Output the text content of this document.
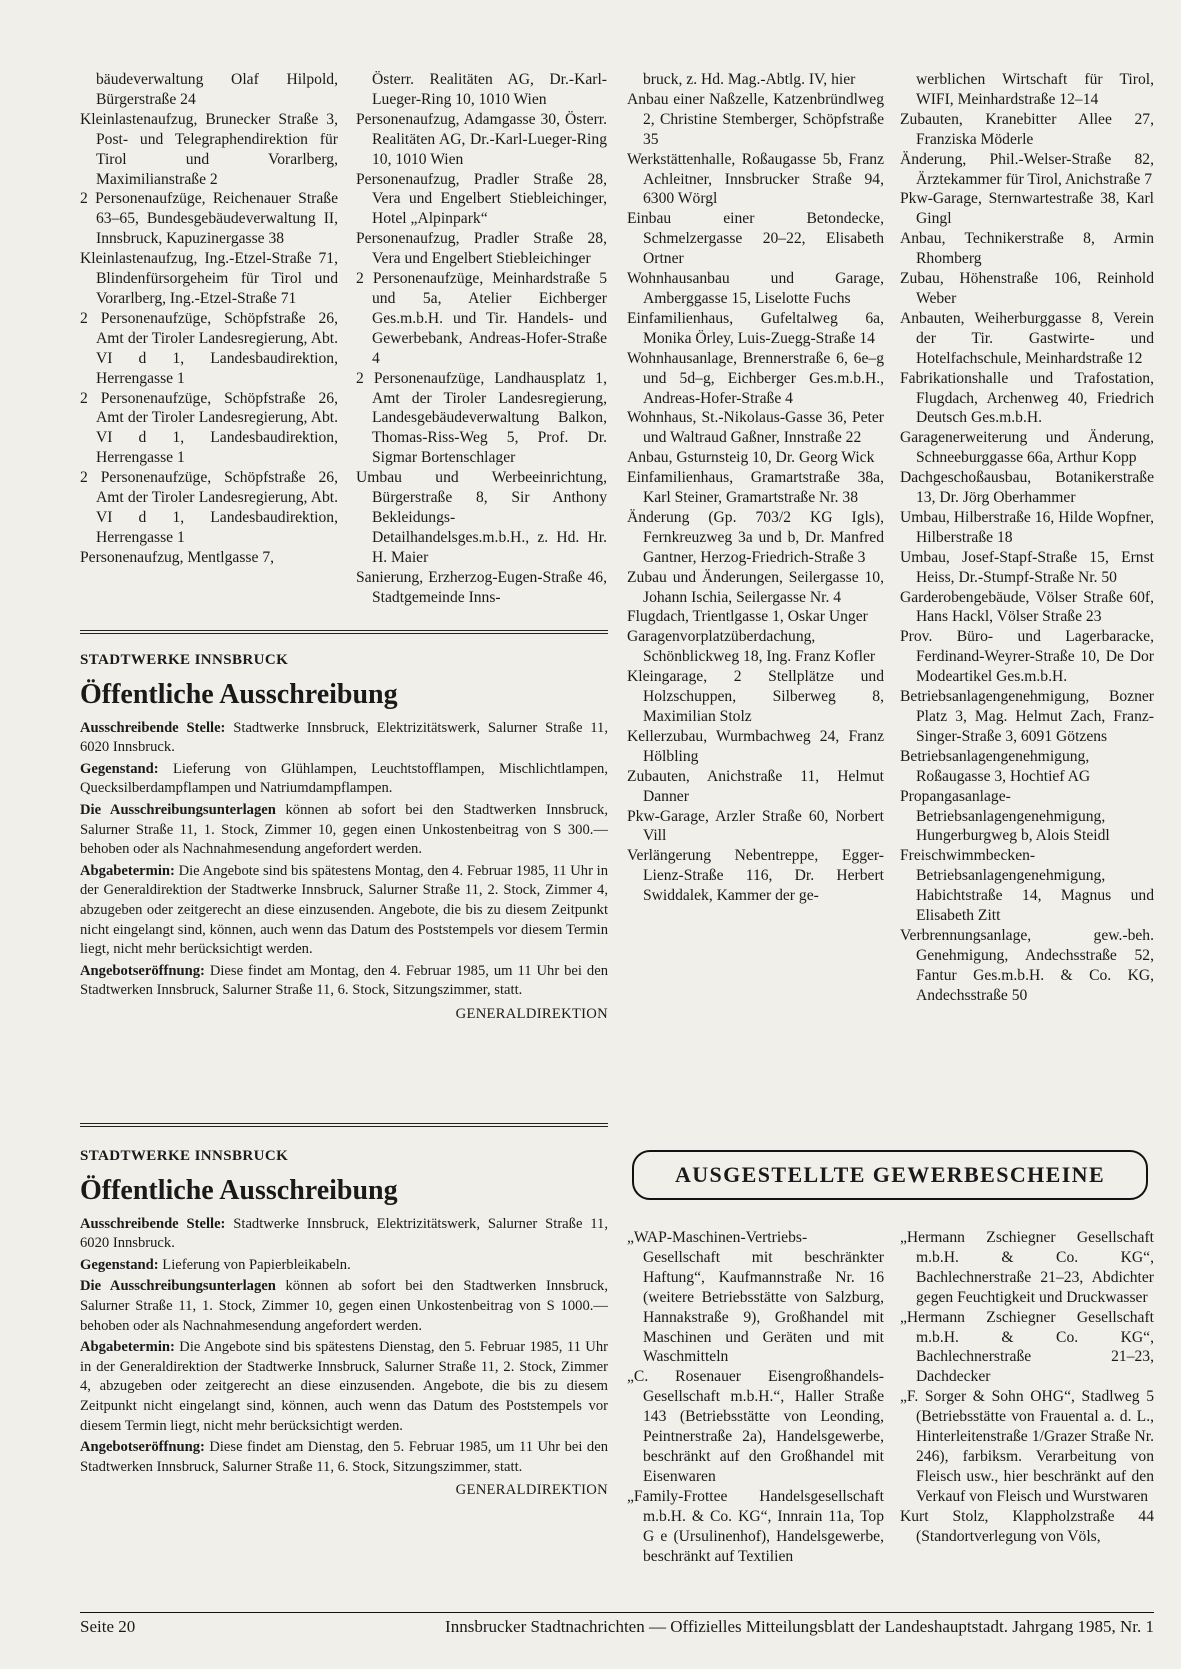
bäudeverwaltung Olaf Hilpold, Bürgerstraße 24

Kleinlastenaufzug, Brunecker Straße 3, Post- und Telegraphendirektion für Tirol und Vorarlberg, Maximilianstraße 2

2 Personenaufzüge, Reichenauer Straße 63–65, Bundesgebäudeverwaltung II, Innsbruck, Kapuzinergasse 38

Kleinlastenaufzug, Ing.-Etzel-Straße 71, Blindenfürsorgeheim für Tirol und Vorarlberg, Ing.-Etzel-Straße 71

2 Personenaufzüge, Schöpfstraße 26, Amt der Tiroler Landesregierung, Abt. VI d 1, Landesbaudirektion, Herrengasse 1

2 Personenaufzüge, Schöpfstraße 26, Amt der Tiroler Landesregierung, Abt. VI d 1, Landesbaudirektion, Herrengasse 1

2 Personenaufzüge, Schöpfstraße 26, Amt der Tiroler Landesregierung, Abt. VI d 1, Landesbaudirektion, Herrengasse 1

Personenaufzug, Mentlgasse 7,

Österr. Realitäten AG, Dr.-Karl-Lueger-Ring 10, 1010 Wien

Personenaufzug, Adamgasse 30, Österr. Realitäten AG, Dr.-Karl-Lueger-Ring 10, 1010 Wien

Personenaufzug, Pradler Straße 28, Vera und Engelbert Stiebleichinger, Hotel „Alpinpark“

Personenaufzug, Pradler Straße 28, Vera und Engelbert Stiebleichinger

2 Personenaufzüge, Meinhardstraße 5 und 5a, Atelier Eichberger Ges.m.b.H. und Tir. Handels- und Gewerbebank, Andreas-Hofer-Straße 4

2 Personenaufzüge, Landhausplatz 1, Amt der Tiroler Landesregierung, Landesgebäudeverwaltung Balkon, Thomas-Riss-Weg 5, Prof. Dr. Sigmar Bortenschlager

Umbau und Werbeeinrichtung, Bürgerstraße 8, Sir Anthony Bekleidungs-Detailhandelsges.m.b.H., z. Hd. Hr. H. Maier

Sanierung, Erzherzog-Eugen-Straße 46, Stadtgemeinde Inns-

bruck, z. Hd. Mag.-Abtlg. IV, hier

Anbau einer Naßzelle, Katzenbründlweg 2, Christine Stemberger, Schöpfstraße 35

Werkstättenhalle, Roßaugasse 5b, Franz Achleitner, Innsbrucker Straße 94, 6300 Wörgl

Einbau einer Betondecke, Schmelzergasse 20–22, Elisabeth Ortner

Wohnhausanbau und Garage, Amberggasse 15, Liselotte Fuchs

Einfamilienhaus, Gufeltalweg 6a, Monika Örley, Luis-Zuegg-Straße 14

Wohnhausanlage, Brennerstraße 6, 6e–g und 5d–g, Eichberger Ges.m.b.H., Andreas-Hofer-Straße 4

Wohnhaus, St.-Nikolaus-Gasse 36, Peter und Waltraud Gaßner, Innstraße 22

Anbau, Gsturnsteig 10, Dr. Georg Wick

Einfamilienhaus, Gramartstraße 38a, Karl Steiner, Gramartstraße Nr. 38

Änderung (Gp. 703/2 KG Igls), Fernkreuzweg 3a und b, Dr. Manfred Gantner, Herzog-Friedrich-Straße 3

Zubau und Änderungen, Seilergasse 10, Johann Ischia, Seilergasse Nr. 4

Flugdach, Trientlgasse 1, Oskar Unger

Garagenvorplatzüberdachung, Schönblickweg 18, Ing. Franz Kofler

Kleingarage, 2 Stellplätze und Holzschuppen, Silberweg 8, Maximilian Stolz

Kellerzubau, Wurmbachweg 24, Franz Hölbling

Zubauten, Anichstraße 11, Helmut Danner

Pkw-Garage, Arzler Straße 60, Norbert Vill

Verlängerung Nebentreppe, Egger-Lienz-Straße 116, Dr. Herbert Swiddalek, Kammer der ge-

werblichen Wirtschaft für Tirol, WIFI, Meinhardstraße 12–14

Zubauten, Kranebitter Allee 27, Franziska Möderle

Änderung, Phil.-Welser-Straße 82, Ärztekammer für Tirol, Anichstraße 7

Pkw-Garage, Sternwartestraße 38, Karl Gingl

Anbau, Technikerstraße 8, Armin Rhomberg

Zubau, Höhenstraße 106, Reinhold Weber

Anbauten, Weiherburggasse 8, Verein der Tir. Gastwirte- und Hotelfachschule, Meinhardstraße 12

Fabrikationshalle und Trafostation, Flugdach, Archenweg 40, Friedrich Deutsch Ges.m.b.H.

Garagenerweiterung und Änderung, Schneeburggasse 66a, Arthur Kopp

Dachgeschoßausbau, Botanikerstraße 13, Dr. Jörg Oberhammer

Umbau, Hilberstraße 16, Hilde Wopfner, Hilberstraße 18

Umbau, Josef-Stapf-Straße 15, Ernst Heiss, Dr.-Stumpf-Straße Nr. 50

Garderobengebäude, Völser Straße 60f, Hans Hackl, Völser Straße 23

Prov. Büro- und Lagerbaracke, Ferdinand-Weyrer-Straße 10, De Dor Modeartikel Ges.m.b.H.

Betriebsanlagengenehmigung, Bozner Platz 3, Mag. Helmut Zach, Franz-Singer-Straße 3, 6091 Götzens

Betriebsanlagengenehmigung, Roßaugasse 3, Hochtief AG

Propangasanlage-Betriebsanlagengenehmigung, Hungerburgweg b, Alois Steidl

Freischwimmbecken-Betriebsanlagengenehmigung, Habichtstraße 14, Magnus und Elisabeth Zitt

Verbrennungsanlage, gew.-beh. Genehmigung, Andechsstraße 52, Fantur Ges.m.b.H. & Co. KG, Andechsstraße 50

STADTWERKE INNSBRUCK
Öffentliche Ausschreibung

Ausschreibende Stelle: Stadtwerke Innsbruck, Elektrizitätswerk, Salurner Straße 11, 6020 Innsbruck.

Gegenstand: Lieferung von Glühlampen, Leuchtstofflampen, Mischlichtlampen, Quecksilberdampflampen und Natriumdampflampen.

Die Ausschreibungsunterlagen können ab sofort bei den Stadtwerken Innsbruck, Salurner Straße 11, 1. Stock, Zimmer 10, gegen einen Unkostenbeitrag von S 300.— behoben oder als Nachnahmesendung angefordert werden.

Abgabetermin: Die Angebote sind bis spätestens Montag, den 4. Februar 1985, 11 Uhr in der Generaldirektion der Stadtwerke Innsbruck, Salurner Straße 11, 2. Stock, Zimmer 4, abzugeben oder zeitgerecht an diese einzusenden. Angebote, die bis zu diesem Zeitpunkt nicht eingelangt sind, können, auch wenn das Datum des Poststempels vor diesem Termin liegt, nicht mehr berücksichtigt werden.

Angebotseröffnung: Diese findet am Montag, den 4. Februar 1985, um 11 Uhr bei den Stadtwerken Innsbruck, Salurner Straße 11, 6. Stock, Sitzungszimmer, statt.

GENERALDIREKTION
STADTWERKE INNSBRUCK
Öffentliche Ausschreibung

Ausschreibende Stelle: Stadtwerke Innsbruck, Elektrizitätswerk, Salurner Straße 11, 6020 Innsbruck.

Gegenstand: Lieferung von Papierbleikabeln.

Die Ausschreibungsunterlagen können ab sofort bei den Stadtwerken Innsbruck, Salurner Straße 11, 1. Stock, Zimmer 10, gegen einen Unkostenbeitrag von S 1000.— behoben oder als Nachnahmesendung angefordert werden.

Abgabetermin: Die Angebote sind bis spätestens Dienstag, den 5. Februar 1985, 11 Uhr in der Generaldirektion der Stadtwerke Innsbruck, Salurner Straße 11, 2. Stock, Zimmer 4, abzugeben oder zeitgerecht an diese einzusenden. Angebote, die bis zu diesem Zeitpunkt nicht eingelangt sind, können, auch wenn das Datum des Poststempels vor diesem Termin liegt, nicht mehr berücksichtigt werden.

Angebotseröffnung: Diese findet am Dienstag, den 5. Februar 1985, um 11 Uhr bei den Stadtwerken Innsbruck, Salurner Straße 11, 6. Stock, Sitzungszimmer, statt.

GENERALDIREKTION
AUSGESTELLTE GEWERBESCHEINE

„WAP-Maschinen-Vertriebs-Gesellschaft mit beschränkter Haftung“, Kaufmannstraße Nr. 16 (weitere Betriebsstätte von Salzburg, Hannakstraße 9), Großhandel mit Maschinen und Geräten und mit Waschmitteln

„C. Rosenauer Eisengroßhandels-Gesellschaft m.b.H.“, Haller Straße 143 (Betriebsstätte von Leonding, Peintnerstraße 2a), Handelsgewerbe, beschränkt auf den Großhandel mit Eisenwaren

„Family-Frottee Handelsgesellschaft m.b.H. & Co. KG“, Innrain 11a, Top G e (Ursulinenhof), Handelsgewerbe, beschränkt auf Textilien

„Hermann Zschiegner Gesellschaft m.b.H. & Co. KG“, Bachlechnerstraße 21–23, Abdichter gegen Feuchtigkeit und Druckwasser

„Hermann Zschiegner Gesellschaft m.b.H. & Co. KG“, Bachlechnerstraße 21–23, Dachdecker

„F. Sorger & Sohn OHG“, Stadlweg 5 (Betriebsstätte von Frauental a. d. L., Hinterleitenstraße 1/Grazer Straße Nr. 246), farbiksm. Verarbeitung von Fleisch usw., hier beschränkt auf den Verkauf von Fleisch und Wurstwaren

Kurt Stolz, Klappholzstraße 44 (Standortverlegung von Völs,

Seite 20	Innsbrucker Stadtnachrichten — Offizielles Mitteilungsblatt der Landeshauptstadt. Jahrgang 1985, Nr. 1
